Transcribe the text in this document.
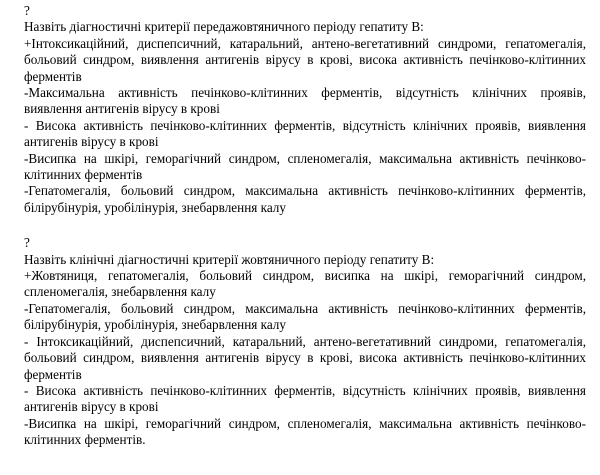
?
Назвіть діагностичні критерії передажовтяничного періоду гепатиту В:
+Інтоксикаційний, диспепсичний, катаральний, антено-вегетативний синдроми, гепатомегалія, больовий синдром, виявлення антигенів вірусу в крові, висока активність печінково-клітинних ферментів
-Максимальна активність печінково-клітинних ферментів, відсутність клінічних проявів, виявлення антигенів вірусу в крові
- Висока активність печінково-клітинних ферментів, відсутність клінічних проявів, виявлення антигенів вірусу в крові
-Висипка на шкірі, геморагічний синдром, спленомегалія, максимальна активність печінково-клітинних ферментів
-Гепатомегалія, больовий синдром, максимальна активність печінково-клітинних ферментів, білірубінурія, уробілінурія, знебарвлення калу
?
Назвіть клінічні діагностичні критерії жовтяничного періоду гепатиту В:
+Жовтяниця, гепатомегалія, больовий синдром, висипка на шкірі, геморагічний синдром, спленомегалія, знебарвлення калу
-Гепатомегалія, больовий синдром, максимальна активність печінково-клітинних ферментів, білірубінурія, уробілінурія, знебарвлення калу
- Інтоксикаційний, диспепсичний, катаральний, антено-вегетативний синдроми, гепатомегалія, больовий синдром, виявлення антигенів вірусу в крові, висока активність печінково-клітинних ферментів
- Висока активність печінково-клітинних ферментів, відсутність клінічних проявів, виявлення антигенів вірусу в крові
-Висипка на шкірі, геморагічний синдром, спленомегалія, максимальна активність печінково-клітинних ферментів.
